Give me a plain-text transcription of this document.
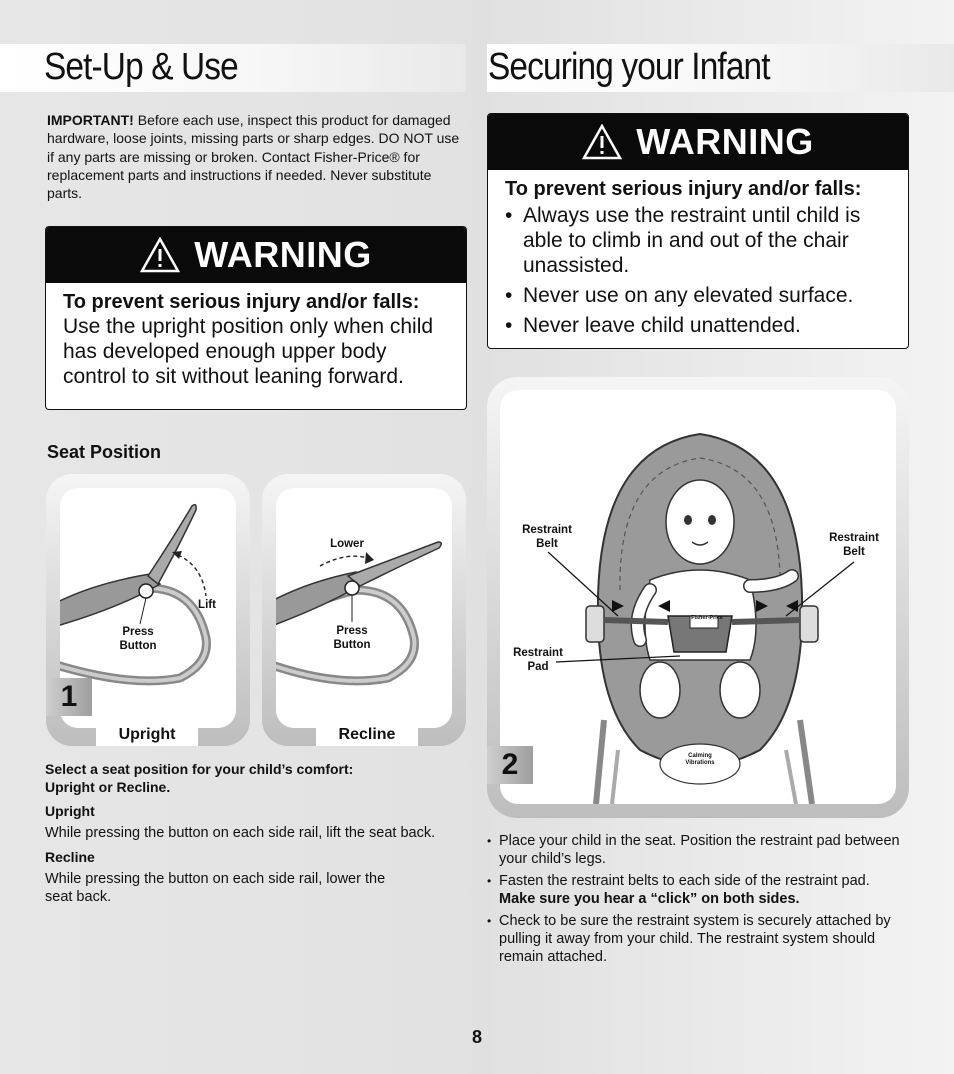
Set-Up & Use	Securing your Infant
IMPORTANT! Before each use, inspect this product for damaged hardware, loose joints, missing parts or sharp edges. DO NOT use if any parts are missing or broken. Contact Fisher-Price® for replacement parts and instructions if needed. Never substitute parts.
WARNING

To prevent serious injury and/or falls:

Use the upright position only when child has developed enough upper body control to sit without leaning forward.
WARNING

To prevent serious injury and/or falls:

• Always use the restraint until child is able to climb in and out of the chair unassisted.
• Never use on any elevated surface.
• Never leave child unattended.
Seat Position
Lift
Press
Button
1
Upright
Lower
Press
Button
Recline
Select a seat position for your child’s comfort:
Upright or Recline.
Upright
While pressing the button on each side rail, lift the seat back.
Recline
While pressing the button on each side rail, lower the
seat back.
Restraint
Belt	Restraint
Belt
Restraint
Pad
Fisher-Price
Calming
Vibrations
2
• Place your child in the seat. Position the restraint pad between your child’s legs.
• Fasten the restraint belts to each side of the restraint pad. Make sure you hear a “click” on both sides.
• Check to be sure the restraint system is securely attached by pulling it away from your child. The restraint system should remain attached.
8
